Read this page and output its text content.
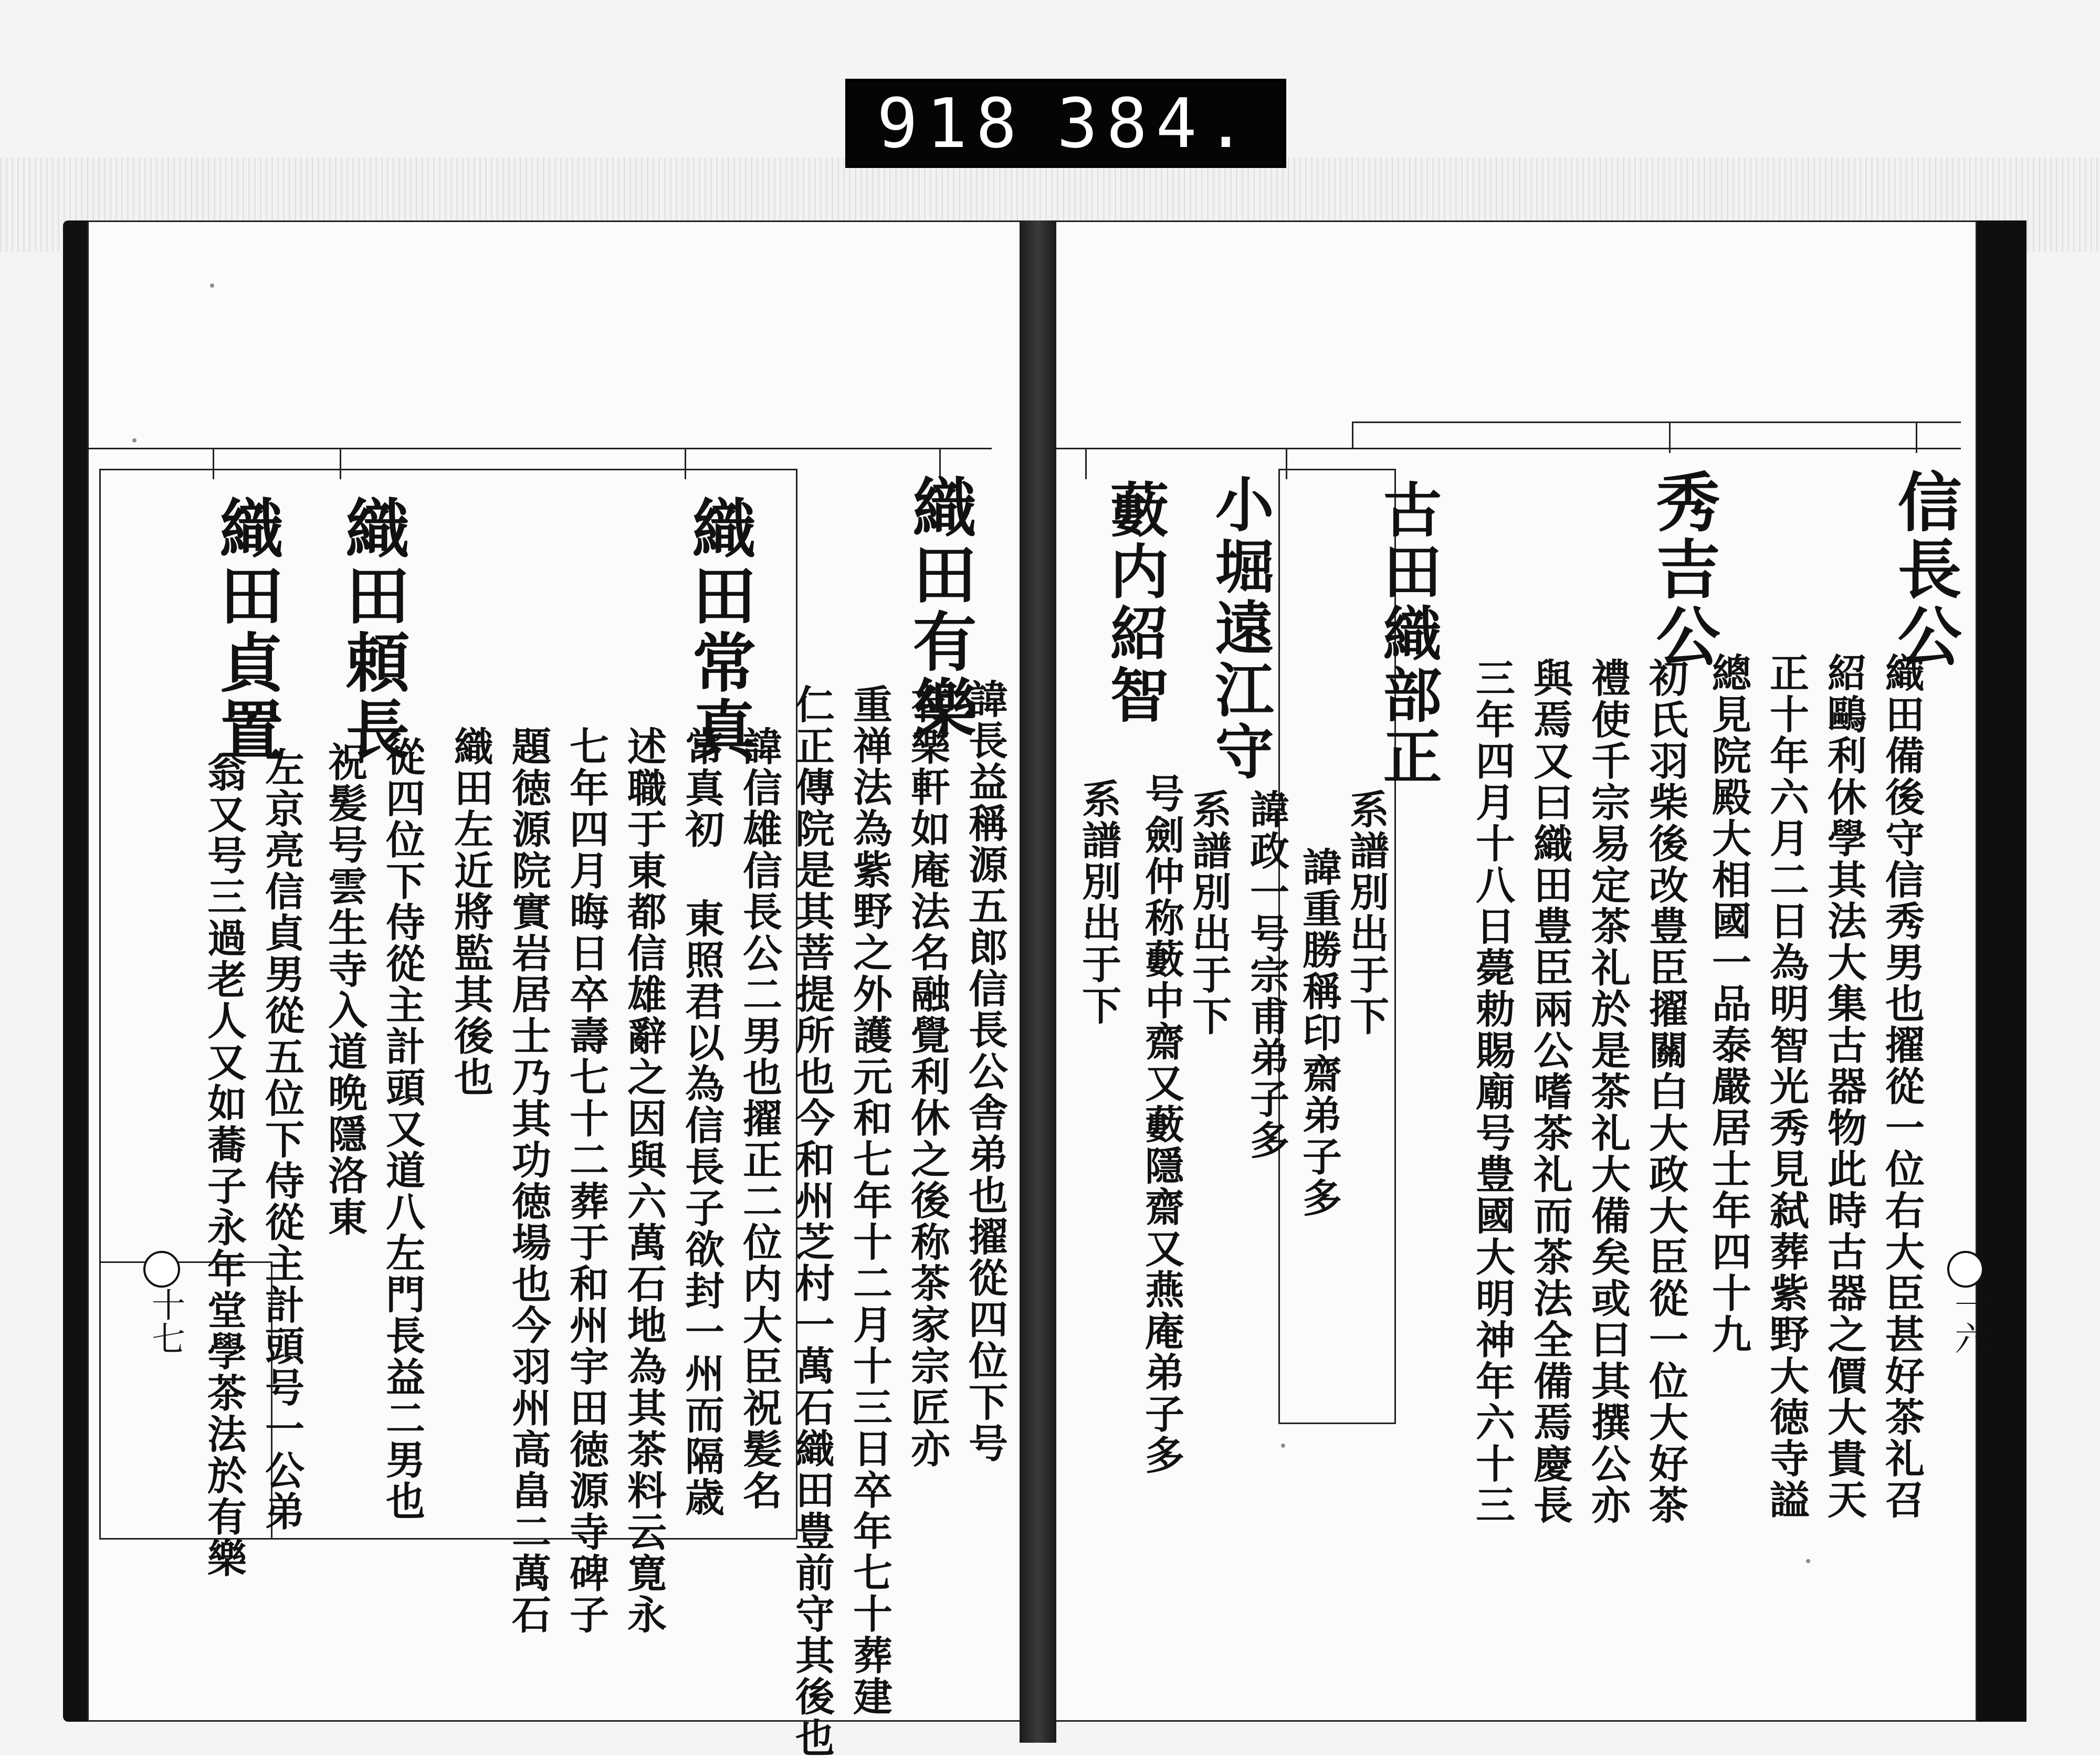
918 384.
織田有樂
諱長益稱源五郎信長公舎弟也擢從四位下号
有樂軒如庵法名融覺利休之後称茶家宗匠亦
重禅法為紫野之外護元和七年十二月十三日卒年七十葬建
仁正傳院是其菩提所也今和州芝村一萬石織田豊前守其後也
織田常真
諱信雄信長公二男也擢正二位内大臣祝髪名
常真初 東照君以為信長子欲封一州而隔歳
述職于東都信雄辭之因與六萬石地為其茶料云寛永
七年四月晦日卒壽七十二葬于和州宇田徳源寺碑子
題徳源院實岩居士乃其功徳場也今羽州高畠二萬石
織田左近將監其後也
織田頼長
從四位下侍從主計頭又道八左門長益二男也
祝髪号雲生寺入道晩隱洛東
織田貞置
左京亮信貞男從五位下侍從主計頭号一公弟
翁又号三過老人又如蕎子永年堂學茶法於有樂
十七
信長公
織田備後守信秀男也擢從一位右大臣甚好茶礼召
紹鷗利休學其法大集古器物此時古器之價大貴天
正十年六月二日為明智光秀見弑葬紫野大徳寺謚
總見院殿大相國一品泰嚴居士年四十九
秀吉公
初氏羽柴後改豊臣擢關白大政大臣從一位大好茶
禮使千宗易定茶礼於是茶礼大備矣或曰其撰公亦
與焉又曰織田豊臣兩公嗜茶礼而茶法全備焉慶長
三年四月十八日薨勅賜廟号豊國大明神年六十三
古田織部正
系譜別出于下
諱重勝稱印齋弟子多
小堀遠江守
諱政一号宗甫弟子多
系譜別出于下
藪内紹智
号劍仲称藪中齋又藪隱齋又燕庵弟子多
系譜別出于下
一六
